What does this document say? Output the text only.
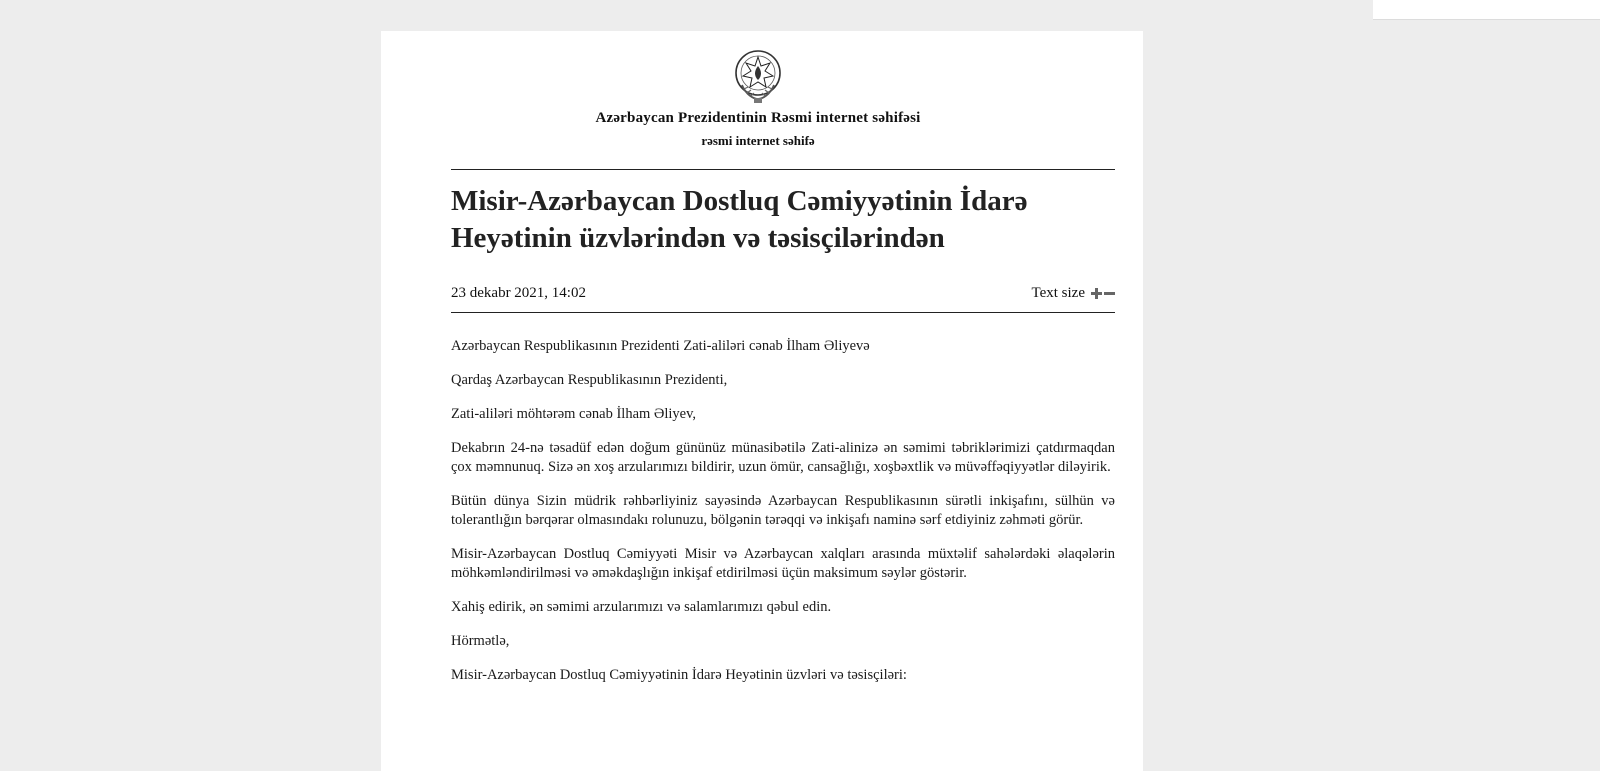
Azərbaycan Prezidentinin Rəsmi internet səhifəsi
rəsmi internet səhifə
Misir-Azərbaycan Dostluq Cəmiyyətinin İdarə Heyətinin üzvlərindən və təsisçilərindən
23 dekabr 2021, 14:02	Text size

Azərbaycan Respublikasının Prezidenti Zati-aliləri cənab İlham Əliyevə

Qardaş Azərbaycan Respublikasının Prezidenti,

Zati-aliləri möhtərəm cənab İlham Əliyev,

Dekabrın 24-nə təsadüf edən doğum gününüz münasibətilə Zati-alinizə ən səmimi təbriklərimizi çatdırmaqdan çox məmnunuq. Sizə ən xoş arzularımızı bildirir, uzun ömür, cansağlığı, xoşbəxtlik və müvəffəqiyyətlər diləyirik.

Bütün dünya Sizin müdrik rəhbərliyiniz sayəsində Azərbaycan Respublikasının sürətli inkişafını, sülhün və tolerantlığın bərqərar olmasındakı rolunuzu, bölgənin tərəqqi və inkişafı naminə sərf etdiyiniz zəhməti görür.

Misir-Azərbaycan Dostluq Cəmiyyəti Misir və Azərbaycan xalqları arasında müxtəlif sahələrdəki əlaqələrin möhkəmləndirilməsi və əməkdaşlığın inkişaf etdirilməsi üçün maksimum səylər göstərir.

Xahiş edirik, ən səmimi arzularımızı və salamlarımızı qəbul edin.

Hörmətlə,

Misir-Azərbaycan Dostluq Cəmiyyətinin İdarə Heyətinin üzvləri və təsisçiləri:
